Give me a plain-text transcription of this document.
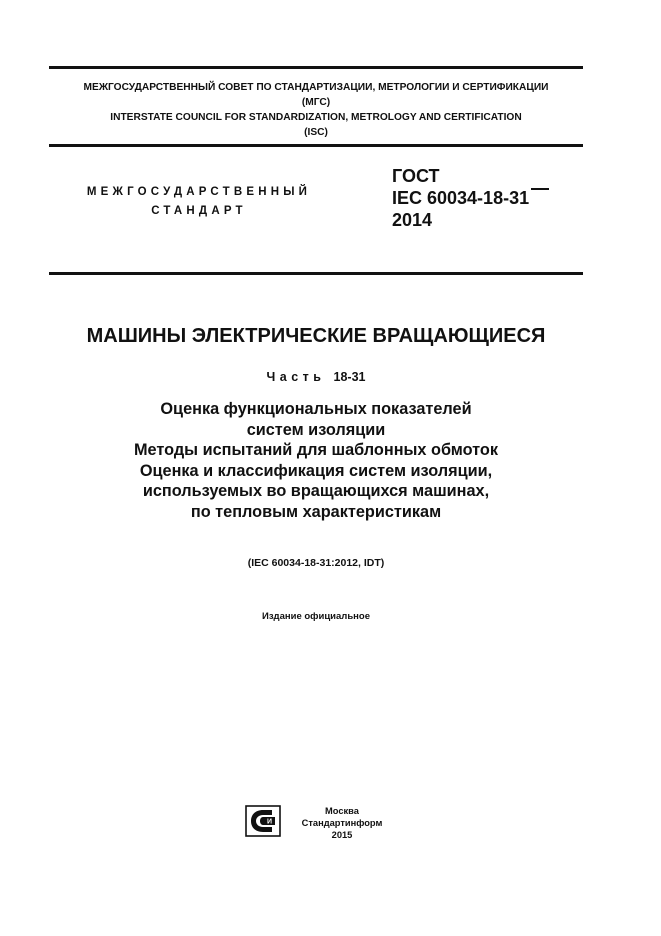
МЕЖГОСУДАРСТВЕННЫЙ СОВЕТ ПО СТАНДАРТИЗАЦИИ, МЕТРОЛОГИИ И СЕРТИФИКАЦИИ
(МГС)
INTERSTATE COUNCIL FOR STANDARDIZATION, METROLOGY AND CERTIFICATION
(ISC)
МЕЖГОСУДАРСТВЕННЫЙ
СТАНДАРТ
ГОСТ
IEC 60034-18-31
2014
МАШИНЫ ЭЛЕКТРИЧЕСКИЕ ВРАЩАЮЩИЕСЯ
Часть 18-31
Оценка функциональных показателей
систем изоляции
Методы испытаний для шаблонных обмоток
Оценка и классификация систем изоляции,
используемых во вращающихся машинах,
по тепловым характеристикам
(IEC 60034-18-31:2012, IDT)
Издание официальное
И
Москва
Стандартинформ
2015
